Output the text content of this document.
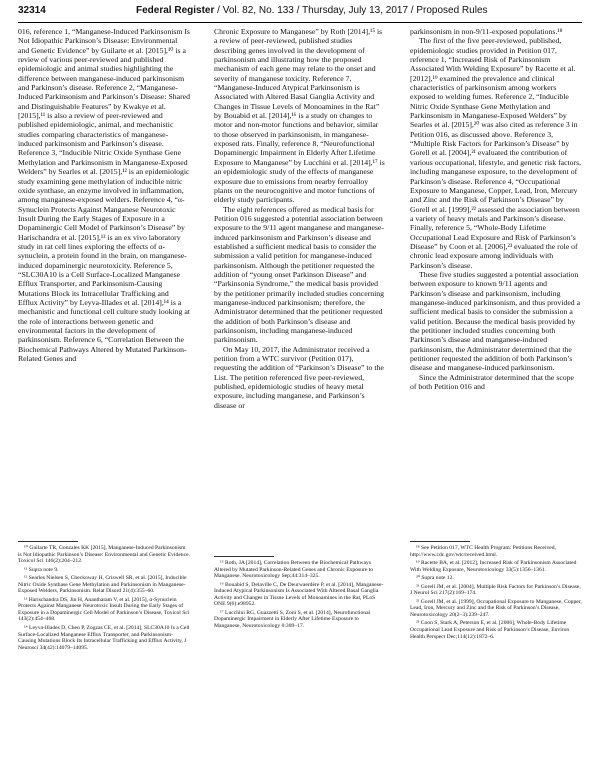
32314	Federal Register / Vol. 82, No. 133 / Thursday, July 13, 2017 / Proposed Rules

016, reference 1, “Manganese-Induced Parkinsonism Is Not Idiopathic Parkinson’s Disease: Environmental and Genetic Evidence” by Guilarte et al. [2015],¹⁰ is a review of various peer-reviewed and published epidemiologic and animal studies highlighting the difference between manganese-induced parkinsonism and Parkinson’s disease. Reference 2, “Manganese-Induced Parkinsonism and Parkinson’s Disease: Shared and Distinguishable Features” by Kwakye et al. [2015],¹¹ is also a review of peer-reviewed and published epidemiologic, animal, and mechanistic studies comparing characteristics of manganese-induced parkinsonism and Parkinson’s disease. Reference 3, “Inducible Nitric Oxide Synthase Gene Methylation and Parkinsonism in Manganese-Exposed Welders” by Searles et al. [2015],¹² is an epidemiologic study examining gene methylation of inducible nitric oxide synthase, an enzyme involved in inflammation, among manganese-exposed welders. Reference 4, “α-Synuclein Protects Against Manganese Neurotoxic Insult During the Early Stages of Exposure in a Dopaminergic Cell Model of Parkinson’s Disease” by Harischandra et al. [2015],¹³ is an ex vivo laboratory study in rat cell lines exploring the effects of α-synuclein, a protein found in the brain, on manganese-induced dopaminergic neurotoxicity. Reference 5, “SLC30A10 is a Cell Surface-Localized Manganese Efflux Transporter, and Parkinsonism-Causing Mutations Block its Intracellular Trafficking and Efflux Activity” by Leyva-Illades et al. [2014],¹⁴ is a mechanistic and functional cell culture study looking at the role of interactions between genetic and environmental factors in the development of parkinsonism. Reference 6, “Correlation Between the Biochemical Pathways Altered by Mutated Parkinson-Related Genes and

¹⁰ Guilarte TR, Gonzales KK [2015], Manganese-Induced Parkinsonism is Not Idiopathic Parkinson’s Disease: Environmental and Genetic Evidence. Toxicol Sci 146(2):204–212.

¹¹ Supra note 9.

¹² Searles Nielsen S, Checkoway H, Criswell SR, et al. [2015], Inducible Nitric Oxide Synthase Gene Methylation and Parkinsonism in Manganese-Exposed Welders, Parkinsonism. Relat Disord 21(4):355–60.

¹³ Harischandra DS, Jin H, Anantharam V, et al. [2015], α-Synuclein Protects Against Manganese Neurotoxic Insult During the Early Stages of Exposure in a Dopaminergic Cell Model of Parkinson’s Disease, Toxicol Sci 143(2):454–468.

¹⁴ Leyva-Illades D, Chen P, Zogzas CE, et al. [2014], SLC30A10 Is a Cell Surface-Localized Manganese Efflux Transporter, and Parkinsonism-Causing Mutations Block Its Intracellular Trafficking and Efflux Activity, J Neurosci 34(42):14079–14095.

Chronic Exposure to Manganese” by Roth [2014],¹⁵ is a review of peer-reviewed, published studies describing genes involved in the development of parkinsonism and illustrating how the proposed mechanism of each gene may relate to the onset and severity of manganese toxicity. Reference 7, “Manganese-Induced Atypical Parkinsonism is Associated with Altered Basal Ganglia Activity and Changes in Tissue Levels of Monoamines in the Rat” by Bouabid et al. [2014],¹⁶ is a study on changes to motor and non-motor functions and behavior, similar to those observed in parkinsonism, in manganese-exposed rats. Finally, reference 8, “Neurofunctional Dopaminergic Impairment in Elderly After Lifetime Exposure to Manganese” by Lucchini et al. [2014],¹⁷ is an epidemiologic study of the effects of manganese exposure due to emissions from nearby ferroalloy plants on the neurocognitive and motor functions of elderly study participants.

The eight references offered as medical basis for Petition 016 suggested a potential association between exposure to the 9/11 agent manganese and manganese-induced parkinsonism and Parkinson’s disease and established a sufficient medical basis to consider the submission a valid petition for manganese-induced parkinsonism. Although the petitioner requested the addition of “young onset Parkinson Disease” and “Parkinsonia Syndrome,” the medical basis provided by the petitioner primarily included studies concerning manganese-induced parkinsonism; therefore, the Administrator determined that the petitioner requested the addition of both Parkinson’s disease and parkinsonism, including manganese-induced parkinsonism.

On May 10, 2017, the Administrator received a petition from a WTC survivor (Petition 017), requesting the addition of “Parkinson’s Disease” to the List. The petition referenced five peer-reviewed, published, epidemiologic studies of heavy metal exposure, including manganese, and Parkinson’s disease or

¹⁵ Roth, JA [2014], Correlation Between the Biochemical Pathways Altered by Mutated Parkinson-Related Genes and Chronic Exposure to Manganese. Neurotoxicology Sep;44:314–325.

¹⁶ Bouabid S, Delaville C, De Deurwaerdère P, et al. [2014], Manganese-Induced Atypical Parkinsonism Is Associated With Altered Basal Ganglia Activity and Changes in Tissue Levels of Monoamines in the Rat, PLoS ONE 9(6):e98952.

¹⁷ Lucchini RG, Guazzetti S, Zoni S, et al. [2014], Neurofunctional Dopaminergic Impairment in Elderly After Lifetime Exposure to Manganese, Neurotoxicology 0:309–17.

parkinsonism in non-9/11-exposed populations.¹⁸

The first of the five peer-reviewed, published, epidemiologic studies provided in Petition 017, reference 1, “Increased Risk of Parkinsonism Associated With Welding Exposure” by Racette et al. [2012],¹⁹ examined the prevalence and clinical characteristics of parkinsonism among workers exposed to welding fumes. Reference 2, “Inducible Nitric Oxide Synthase Gene Methylation and Parkinsonism in Manganese-Exposed Welders” by Searles et al. [2015],²⁰ was also cited as reference 3 in Petition 016, as discussed above. Reference 3, “Multiple Risk Factors for Parkinson’s Disease” by Gorell et al. [2004],²¹ evaluated the contribution of various occupational, lifestyle, and genetic risk factors, including manganese exposure, to the development of Parkinson’s disease. Reference 4, “Occupational Exposure to Manganese, Copper, Lead, Iron, Mercury and Zinc and the Risk of Parkinson’s Disease” by Gorell et al. [1999],²² assessed the association between a variety of heavy metals and Parkinson’s disease. Finally, reference 5, “Whole-Body Lifetime Occupational Lead Exposure and Risk of Parkinson’s Disease” by Coon et al. [2006],²³ evaluated the role of chronic lead exposure among individuals with Parkinson’s disease.

These five studies suggested a potential association between exposure to known 9/11 agents and Parkinson’s disease and parkinsonism, including manganese-induced parkinsonism, and thus provided a sufficient medical basis to consider the submission a valid petition. Because the medical basis provided by the petitioner included studies concerning both Parkinson’s disease and manganese-induced parkinsonism, the Administrator determined that the petitioner requested the addition of both Parkinson’s disease and manganese-induced parkinsonism.

Since the Administrator determined that the scope of both Petition 016 and

¹⁸ See Petition 017, WTC Health Program: Petitions Received, http://www.cdc.gov/wtc/received.html.

¹⁹ Racette BA, et al. [2012], Increased Risk of Parkinsonism Associated With Welding Exposure, Neurotoxicology 33(5):1356–1361.

²⁰ Supra note 12.

²¹ Gorell JM, et al. [2004], Multiple Risk Factors for Parkinson’s Disease, J Neurol Sci 217(2):169–174.

²² Gorell JM, et al. [1999], Occupational Exposure to Manganese, Copper, Lead, Iron, Mercury and Zinc and the Risk of Parkinson’s Disease, Neurotoxicology 20(2–3):239–247.

²³ Coon S, Stark A, Peterson E, et al. [2006], Whole-Body Lifetime Occupational Lead Exposure and Risk of Parkinson’s Disease, Environ Health Perspect Dec;114(12):1872–6.
